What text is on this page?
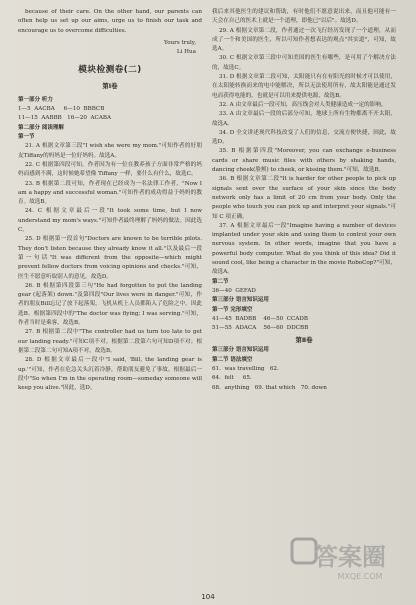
because of their care. On the other hand, our parents can often help us set up our aims, urge us to finish our task and encourage us to overcome difficulties.

Yours truly,

Li Hua

模块检测卷(二)
第Ⅰ卷

第一部分 听力

1—5  AACBA     6—10  BBBCB

11—15  AABBB   16—20  ACABA

第二部分 阅读理解

第一节

21. A 根据文章第三段"I wish she were my mom."可知作者的好朋友Tiffany的妈妈是一位好妈妈。故选A。

22. C 根据第四段可知，作者因为有一位在教养孩子方面非常严格的妈妈而感到不满，这时候她希望像 Tiffany 一样，要什么有什么，故选C。

23. B 根据第二段可知，作者现在已经成为一名法律工作者，"Now I am a happy and successful woman."可知作者的成功得益于妈妈的教育。故选B。

24. C 根据文章最后一段"It took some time, but I now understand my mom's ways."可知作者最终理解了妈妈的做法。因此选C。

25. D 根据第一段首句"Doctors are known to be terrible pilots. They don't listen because they already know it all."以及最后一段第一句话"It was different from the opposite—which might prevent fellow doctors from voicing opinions and checks."可知，医生不愿意听取别人的意见。故选D。

26. B 根据第四段第三句"He had forgotten to put the landing gear (起落架) down."及第四段"Our lives were in danger."可知，作者的朋友Bill忘记了放下起落架，飞机从机上人员都陷入了危险之中。因此选B。根据第四段中的"The doctor was flying; I was serving."可知，作者当时是乘客，故选B。

27. B 根据第二段中"The controller had us turn too late to get our landing ready."可知C项不对。根据第二段第六句可知D项不对；根据第二段第二句可知A项不对，故选B。

28. D 根据文章最后一段中"I said, 'Bill, the landing gear is up.'"可知，作者在危急关头沉着冷静，帮助朋友避免了事故。根据最后一段中"So when I'm in the operating room—someday someone will keep you alive."因此，选D。

我后来其他医生的建议和帮助，有时他们不愿意说出来，而且他可能有一天会在自己的医术上就是一个道理，即他已"以后"。故选D。

29. A 根据文章第二段，作者通过一次飞行经历发现了一个道理，从而成了一个和美国的医生，所以可知作者想表达的观点"其实道"，可知，故选A。

30. C 根据文章第三段中可知美国的医生有哪些，是可用了个解决方法的，故选C。

31. D 根据文章第二段可知，太阳能只有在有阳光的时候才可以使用，在太阳能转换而来的电中能解决，所以无法使用所有，故太阳能是通过发电而获得电能的，也就是可以用来提供电源，故选B。

32. A 由文章最后一段可知，高压线会对人类健康造成一定的影响。

33. A 由文章最后一段的后部分可知，地球上所有生物都离不开太阳，故选A。

34. D 全文讲述现代科技改变了人们的信息，交流方便快捷，因此，故选D。

35. B 根据第四段"Moreover, you can exchange e-business cards or share music files with others by shaking hands, dancing cheek(脸颊) to cheek, or kissing them."可知，故选B。

36. B 根据文章第二段"It is harder for other people to pick up signals sent over the surface of your skin since the body network only has a limit of 20 cm from your body. Only the people who touch you can pick up and interpret your signals."可知 C 项正确。

37. A 根据文章最后一段"Imagine having a number of devices implanted under your skin and using them to control your own nervous system. In other words, imagine that you have a powerful body computer. What do you think of this idea? Did it sound cool, like being a character in the movie RoboCop?"可知，故选A。

第二节

36—40  GEFAD

第三部分 语言知识运用

第一节 完形填空

41—45  BADBB    46—50  CCADB

51—55  ADACA    56—60  DDCBB

第Ⅱ卷

第三部分 语言知识运用

第二节 语法填空

61.  was travelling   62.

64.  felt     65.

68.  anything   69. that which   70. down

答案圈
MXQE.COM
104
